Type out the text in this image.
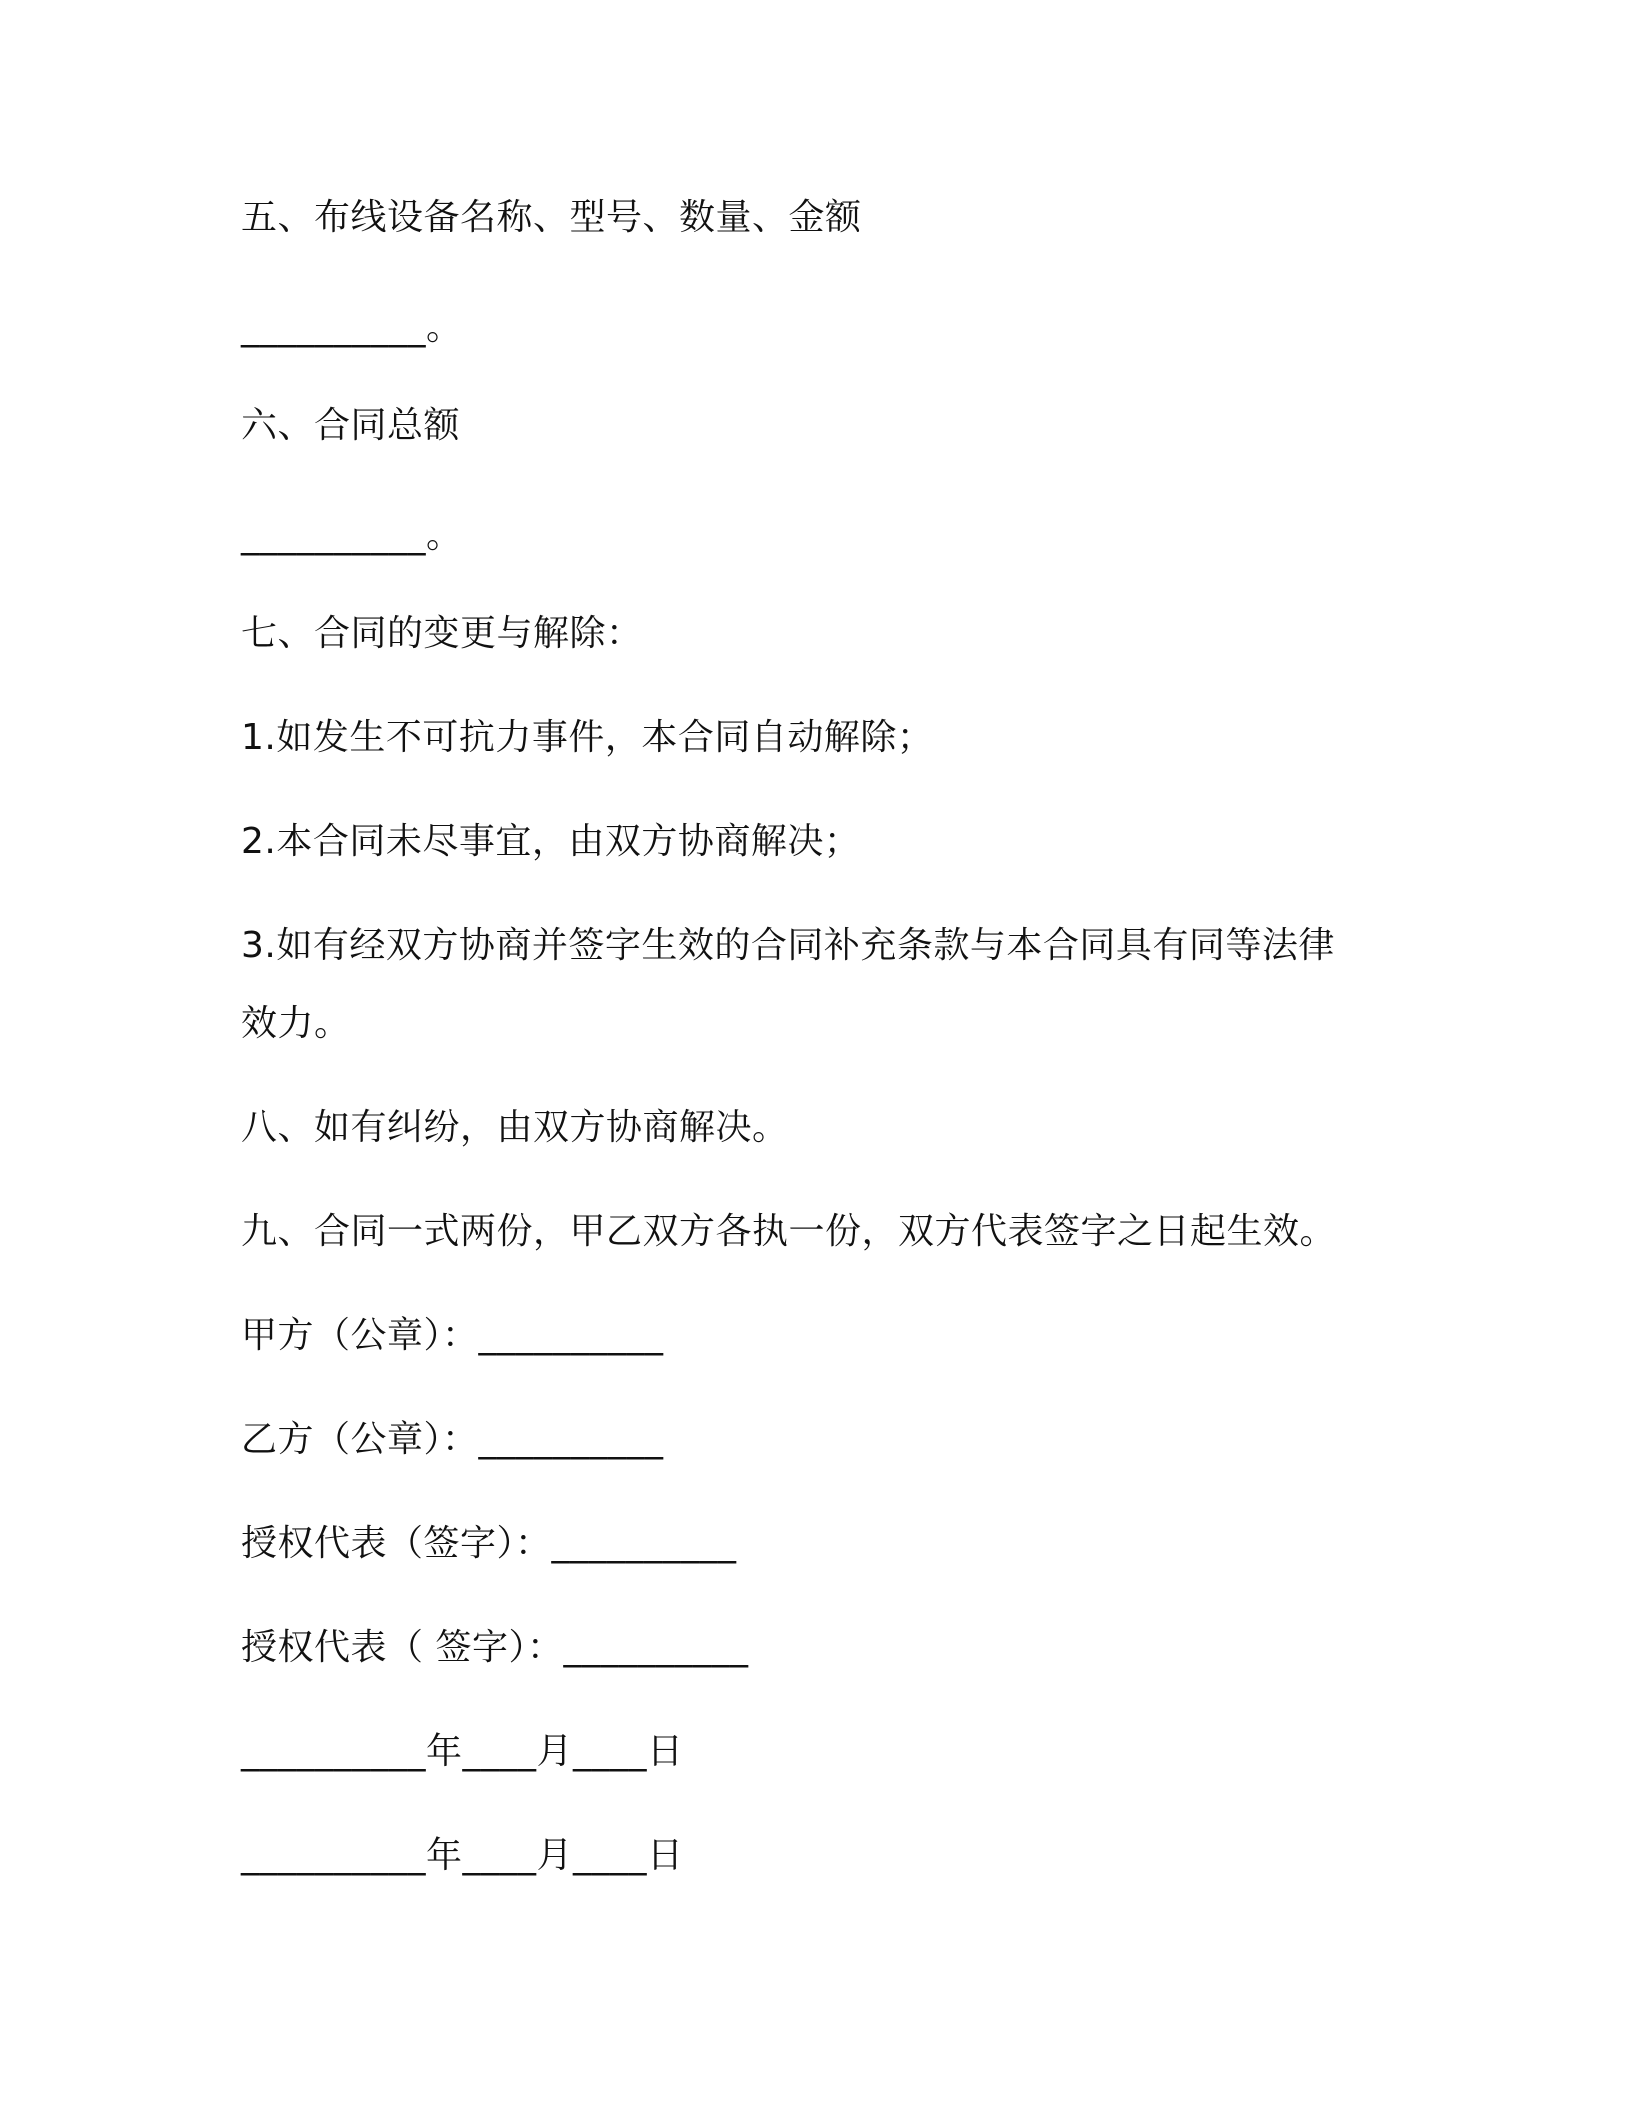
五、布线设备名称、型号、数量、金额
__________。
六、合同总额
__________。
七、合同的变更与解除：
1.如发生不可抗力事件，本合同自动解除；
2.本合同未尽事宜，由双方协商解决；
3.如有经双方协商并签字生效的合同补充条款与本合同具有同等法律
效力。
八、如有纠纷，由双方协商解决。
九、合同一式两份，甲乙双方各执一份，双方代表签字之日起生效。
甲方（公章）：__________
乙方（公章）：__________
授权代表（签字）：__________
授权代表（ 签字）：__________
__________年____月____日
__________年____月____日
